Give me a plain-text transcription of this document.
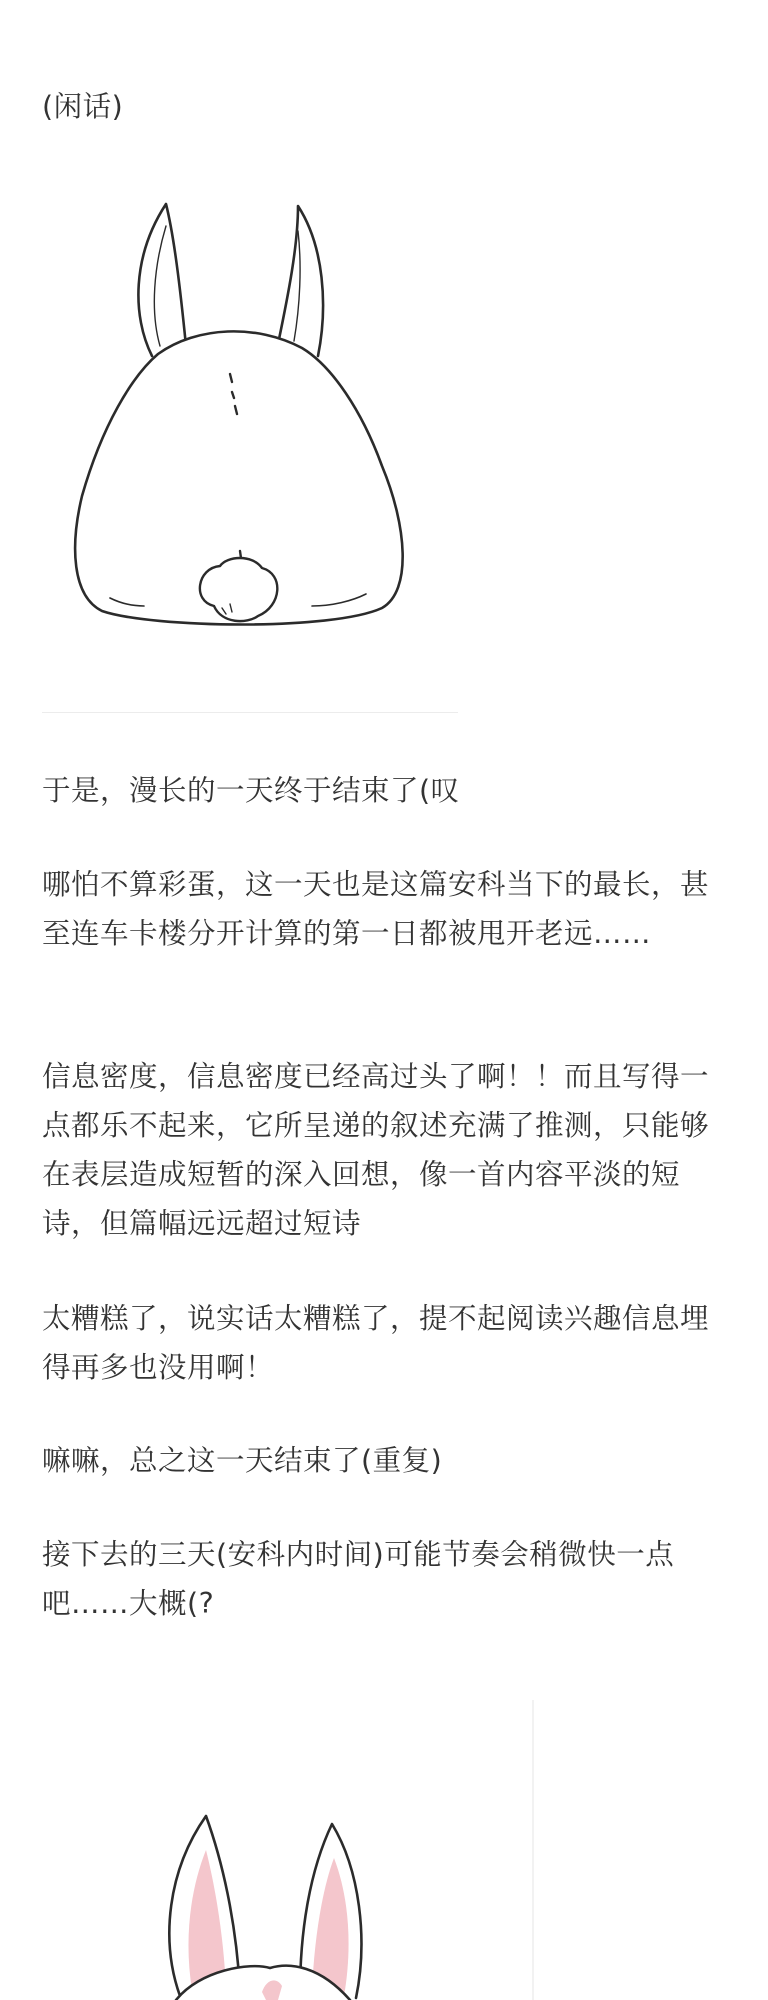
(闲话)

于是，漫长的一天终于结束了(叹

哪怕不算彩蛋，这一天也是这篇安科当下的最长，甚至连车卡楼分开计算的第一日都被甩开老远……

信息密度，信息密度已经高过头了啊！！而且写得一点都乐不起来，它所呈递的叙述充满了推测，只能够在表层造成短暂的深入回想，像一首内容平淡的短诗，但篇幅远远超过短诗

太糟糕了，说实话太糟糕了，提不起阅读兴趣信息埋得再多也没用啊！

嘛嘛，总之这一天结束了(重复)

接下去的三天(安科内时间)可能节奏会稍微快一点吧……大概(?
